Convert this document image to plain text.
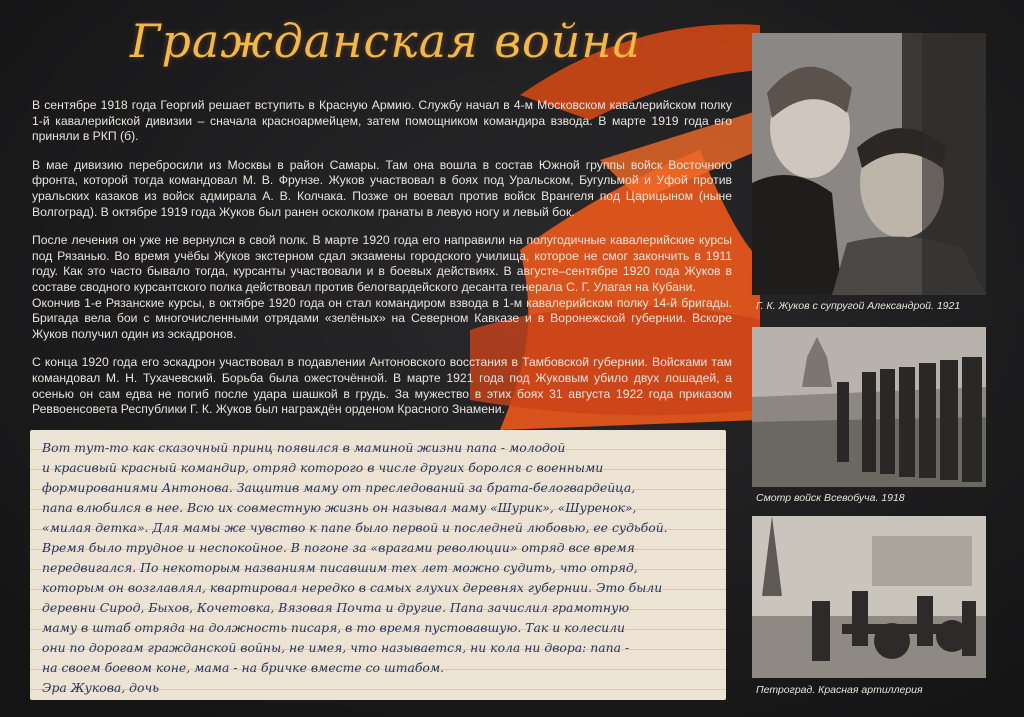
Гражданская война

В сентябре 1918 года Георгий решает вступить в Красную Армию. Службу начал в 4-м Московском кавалерийском полку 1-й кавалерийской дивизии – сначала красноармейцем, затем помощником командира взвода. В марте 1919 года его приняли в РКП (б).

В мае дивизию перебросили из Москвы в район Самары. Там она вошла в состав Южной группы войск Восточного фронта, которой тогда командовал М. В. Фрунзе. Жуков участвовал в боях под Уральском, Бугульмой и Уфой против уральских казаков из войск адмирала А. В. Колчака. Позже он воевал против войск Врангеля под Царицыном (ныне Волгоград). В октябре 1919 года Жуков был ранен осколком гранаты в левую ногу и левый бок.

После лечения он уже не вернулся в свой полк. В марте 1920 года его направили на полугодичные кавалерийские курсы под Рязанью. Во время учёбы Жуков экстерном сдал экзамены городского училища, которое не смог закончить в 1911 году. Как это часто бывало тогда, курсанты участвовали и в боевых действиях. В августе–сентябре 1920 года Жуков в составе сводного курсантского полка действовал против белогвардейского десанта генерала С. Г. Улагая на Кубани.

Окончив 1-е Рязанские курсы, в октябре 1920 года он стал командиром взвода в 1-м кавалерийском полку 14-й бригады. Бригада вела бои с многочисленными отрядами «зелёных» на Северном Кавказе и в Воронежской губернии. Вскоре Жуков получил один из эскадронов.

С конца 1920 года его эскадрон участвовал в подавлении Антоновского восстания в Тамбовской губернии. Войсками там командовал М. Н. Тухачевский. Борьба была ожесточённой. В марте 1921 года под Жуковым убило двух лошадей, а осенью он сам едва не погиб после удара шашкой в грудь. За мужество в этих боях 31 августа 1922 года приказом Реввоенсовета Республики Г. К. Жуков был награждён орденом Красного Знамени.

Вот тут-то как сказочный принц появился в маминой жизни папа - молодой
и красивый красный командир, отряд которого в числе других боролся с военными
формированиями Антонова. Защитив маму от преследований за брата-белогвардейца,
папа влюбился в нее. Всю их совместную жизнь он называл маму «Шурик», «Шуренок»,
«милая детка». Для мамы же чувство к папе было первой и последней любовью, ее судьбой.
Время было трудное и неспокойное. В погоне за «врагами революции» отряд все время
передвигался. По некоторым названиям писавшим тех лет можно судить, что отряд,
которым он возглавлял, квартировал нередко в самых глухих деревнях губернии. Это были
деревни Сирод, Быхов, Кочетовка, Вязовая Почта и другие. Папа зачислил грамотную
маму в штаб отряда на должность писаря, в то время пустовавшую. Так и колесили
они по дорогам гражданской войны, не имея, что называется, ни кола ни двора: папа -
на своем боевом коне, мама - на бричке вместе со штабом.
Эра Жукова, дочь
Г. К. Жуков с супругой Александрой. 1921
Смотр войск Всевобуча. 1918
Петроград. Красная артиллерия
